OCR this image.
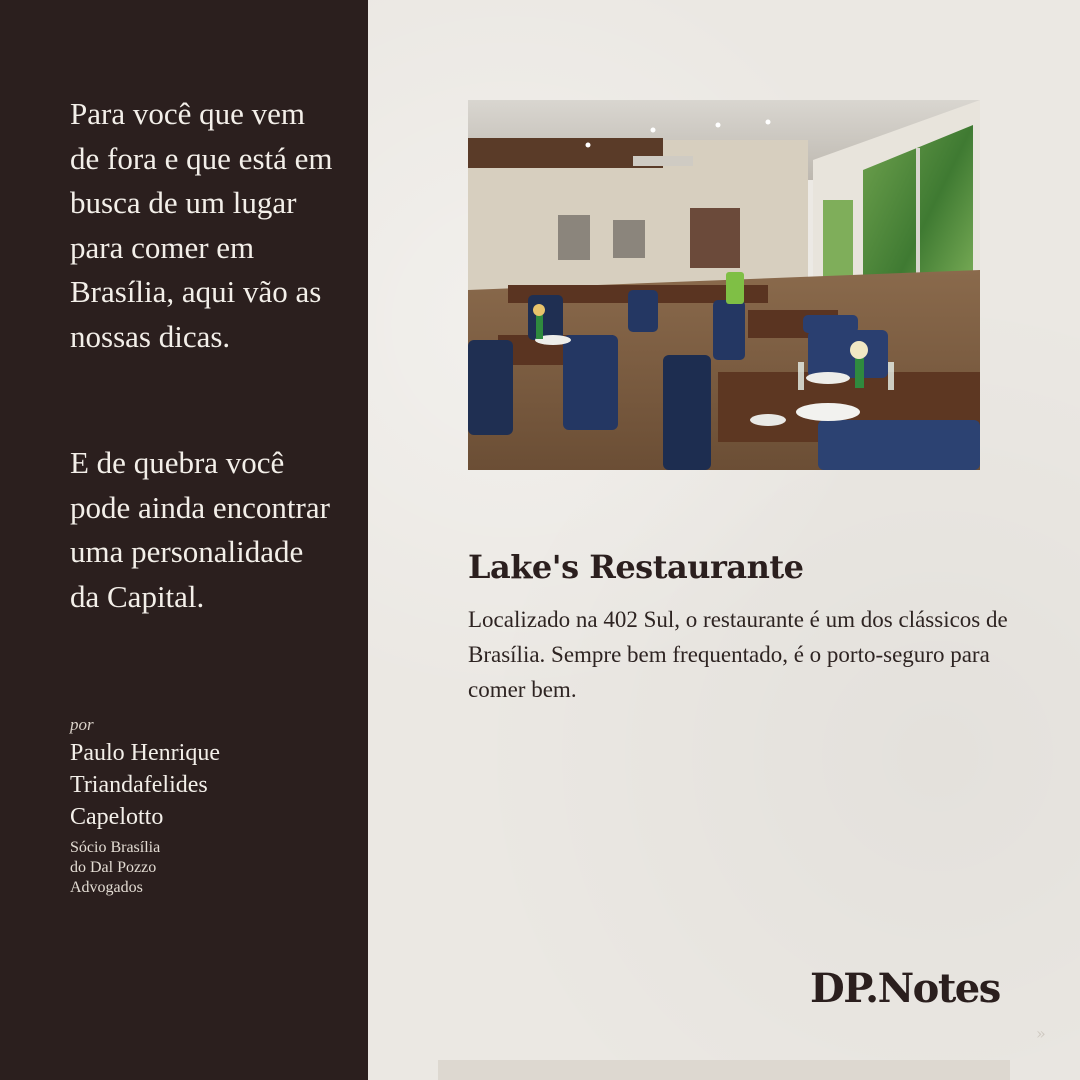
Para você que vem de fora e que está em busca de um lugar para comer em Brasília, aqui vão as nossas dicas.

E de quebra você pode ainda encontrar uma personalidade da Capital.

por

Paulo Henrique
Triandafelides
Capelotto

Sócio Brasília
do Dal Pozzo
Advogados

Lake's Restaurante

Localizado na 402 Sul, o restaurante é um dos clássicos de Brasília. Sempre bem frequentado, é o porto-seguro para comer bem.

DP.Notes
»
